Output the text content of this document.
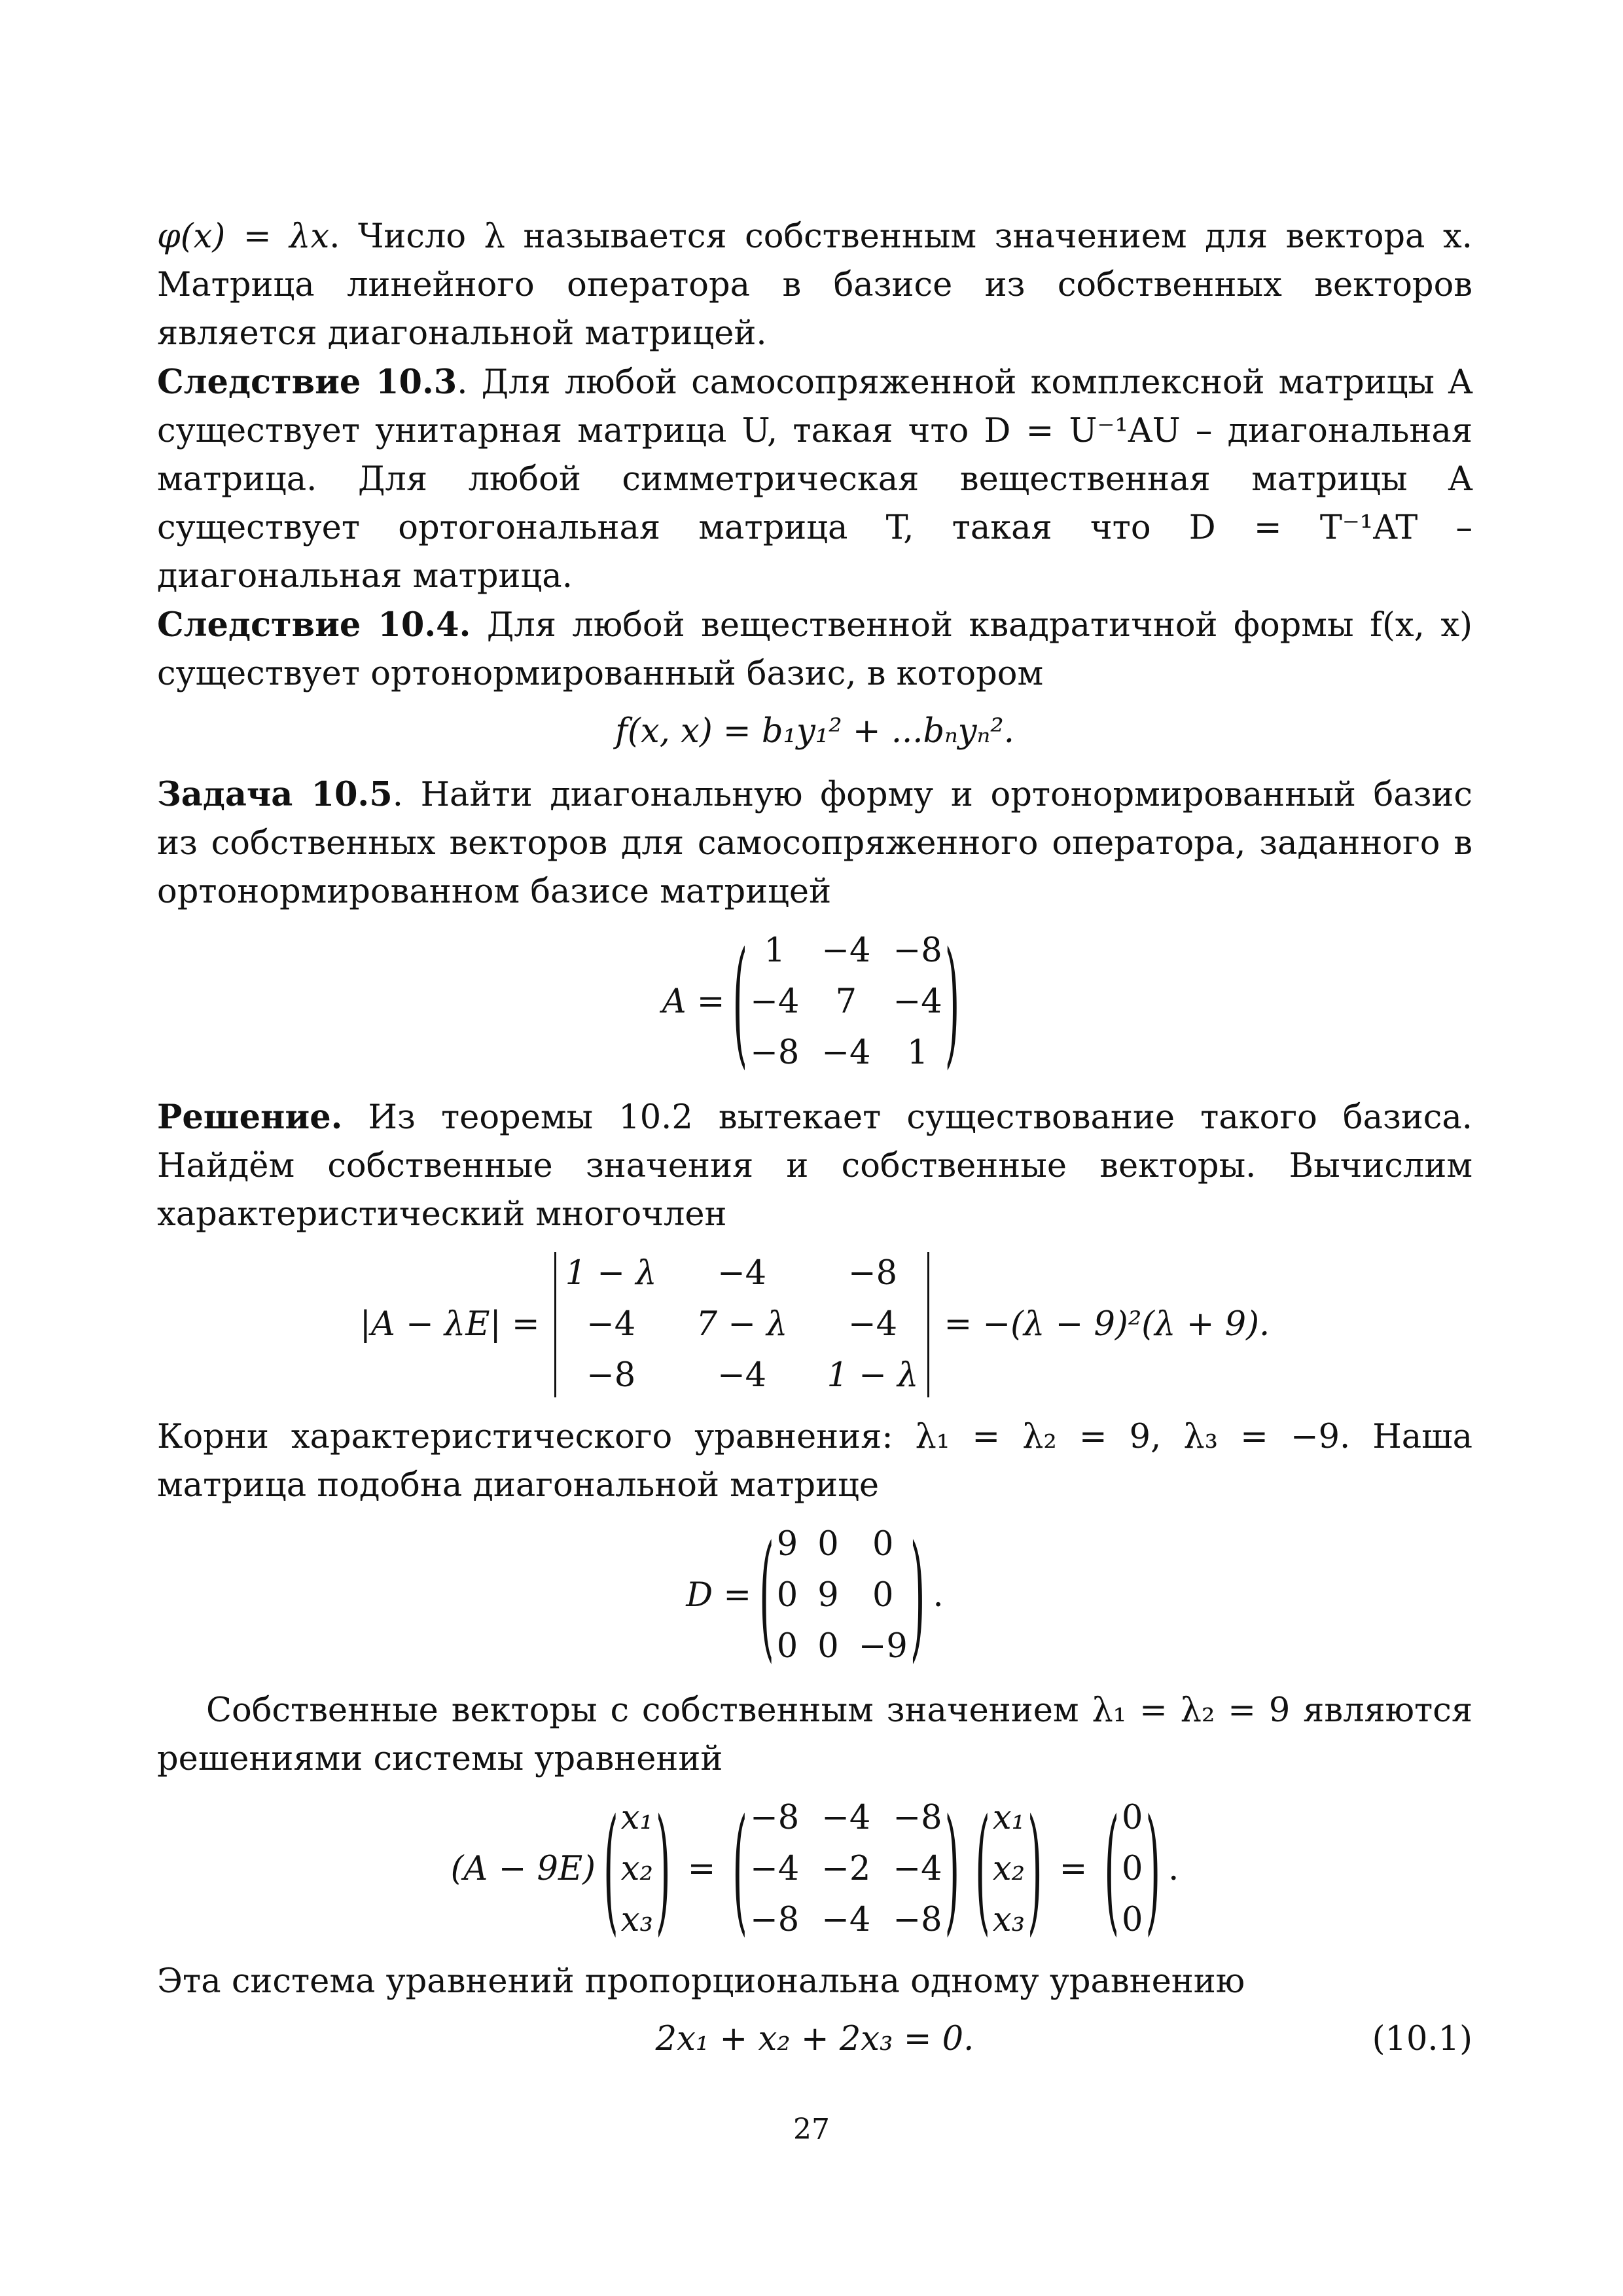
φ(x) = λx. Число λ называется собственным значением для вектора x. Матрица линейного оператора в базисе из собственных векторов является диагональной матрицей.

Следствие 10.3. Для любой самосопряженной комплексной матрицы A существует унитарная матрица U, такая что D = U⁻¹AU – диагональная матрица. Для любой симметрическая вещественная матрицы A существует ортогональная матрица T, такая что D = T⁻¹AT – диагональная матрица.

Следствие 10.4. Для любой вещественной квадратичной формы f(x, x) существует ортонормированный базис, в котором

f(x, x) = b₁y₁² + ...bₙyₙ².

Задача 10.5. Найти диагональную форму и ортонормированный базис из собственных векторов для самосопряженного оператора, заданного в ортонормированном базисе матрицей

A = ( 1 −4 −8
−4 7 −4
−8 −4 1 )

Решение. Из теоремы 10.2 вытекает существование такого базиса. Найдём собственные значения и собственные векторы. Вычислим характеристический многочлен

|A − λE| =
1 − λ −4 −8
−4 7 − λ −4
−8 −4 1 − λ
= −(λ − 9)²(λ + 9).

Корни характеристического уравнения: λ₁ = λ₂ = 9, λ₃ = −9. Наша матрица подобна диагональной матрице

D = ( 9 0 0
0 9 0
0 0 −9 ) .

Собственные векторы с собственным значением λ₁ = λ₂ = 9 являются решениями системы уравнений

(A − 9E) ( x₁
x₂
x₃ ) = ( −8 −4 −8
−4 −2 −4
−8 −4 −8 ) ( x₁
x₂
x₃ ) = ( 0
0
0 ) .

Эта система уравнений пропорциональна одному уравнению

2x₁ + x₂ + 2x₃ = 0.	(10.1)
27
